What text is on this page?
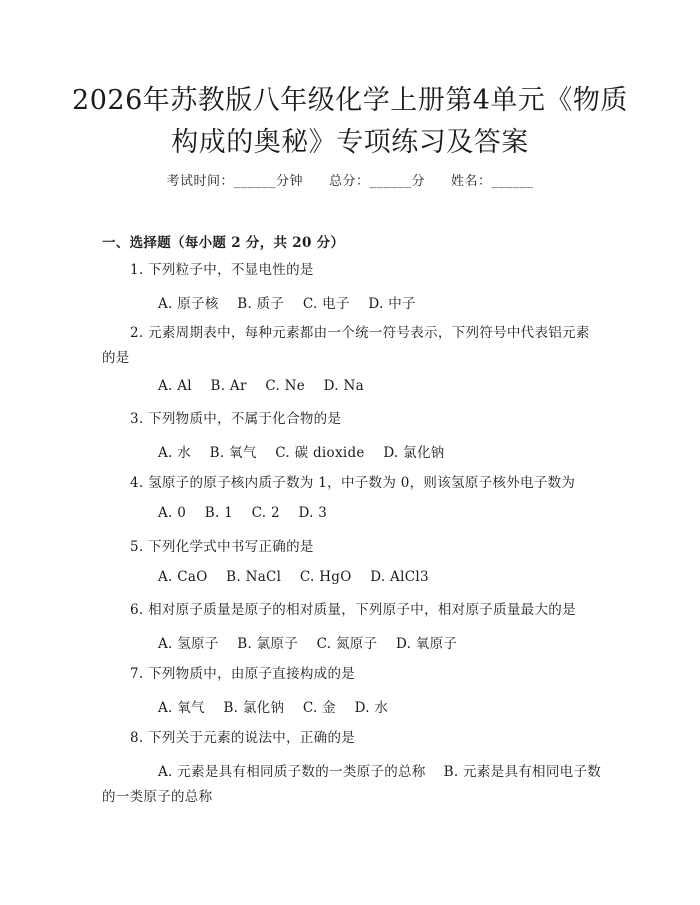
2026年苏教版八年级化学上册第4单元《物质构成的奥秘》专项练习及答案
考试时间：______分钟 总分：______分 姓名：______
一、选择题（每小题 2 分，共 20 分）
1. 下列粒子中，不显电性的是
A. 原子核 B. 质子 C. 电子 D. 中子
2. 元素周期表中，每种元素都由一个统一符号表示，下列符号中代表铝元素的是
A. Al B. Ar C. Ne D. Na
3. 下列物质中，不属于化合物的是
A. 水 B. 氧气 C. 碳 dioxide D. 氯化钠
4. 氢原子的原子核内质子数为 1，中子数为 0，则该氢原子核外电子数为
A. 0 B. 1 C. 2 D. 3
5. 下列化学式中书写正确的是
A. CaO B. NaCl C. HgO D. AlCl3
6. 相对原子质量是原子的相对质量，下列原子中，相对原子质量最大的是
A. 氢原子 B. 氯原子 C. 氮原子 D. 氧原子
7. 下列物质中，由原子直接构成的是
A. 氧气 B. 氯化钠 C. 金 D. 水
8. 下列关于元素的说法中，正确的是
A. 元素是具有相同质子数的一类原子的总称 B. 元素是具有相同电子数的一类原子的总称
